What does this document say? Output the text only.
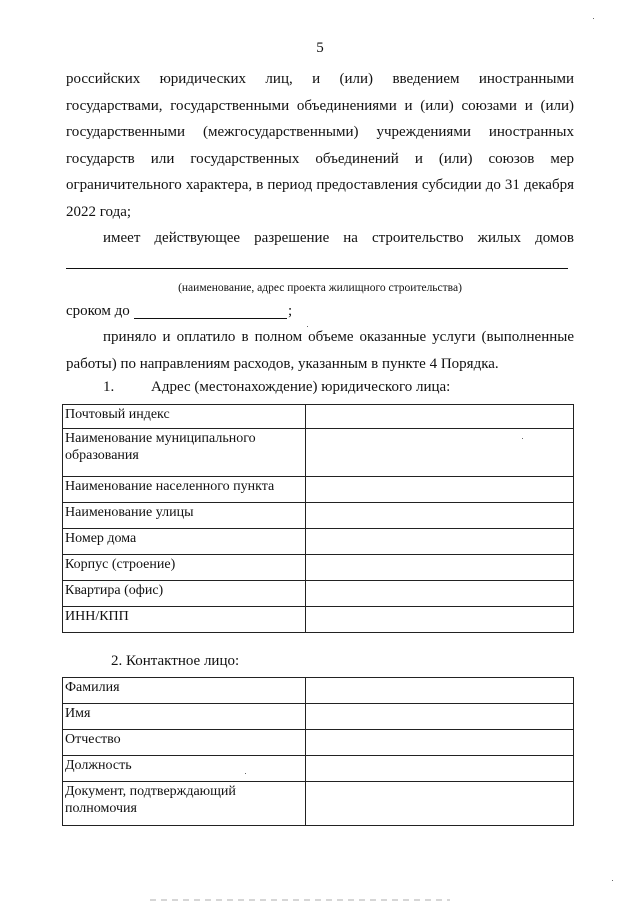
5
российских юридических лиц, и (или) введением иностранными государствами, государственными объединениями и (или) союзами и (или) государственными (межгосударственными) учреждениями иностранных государств или государственных объединений и (или) союзов мер ограничительного характера, в период предоставления субсидии до 31 декабря 2022 года;
имеет действующее разрешение на строительство жилых домов
(наименование, адрес проекта жилищного строительства)
сроком до	;
приняло и оплатило в полном объеме оказанные услуги (выполненные работы) по направлениям расходов, указанным в пункте 4 Порядка.
1. Адрес (местонахождение) юридического лица:
Почтовый индекс	
Наименование муниципального образования	
Наименование населенного пункта	
Наименование улицы	
Номер дома	
Корпус (строение)	
Квартира (офис)	
ИНН/КПП	
2. Контактное лицо:
Фамилия	
Имя	
Отчество	
Должность	
Документ, подтверждающий полномочия	
